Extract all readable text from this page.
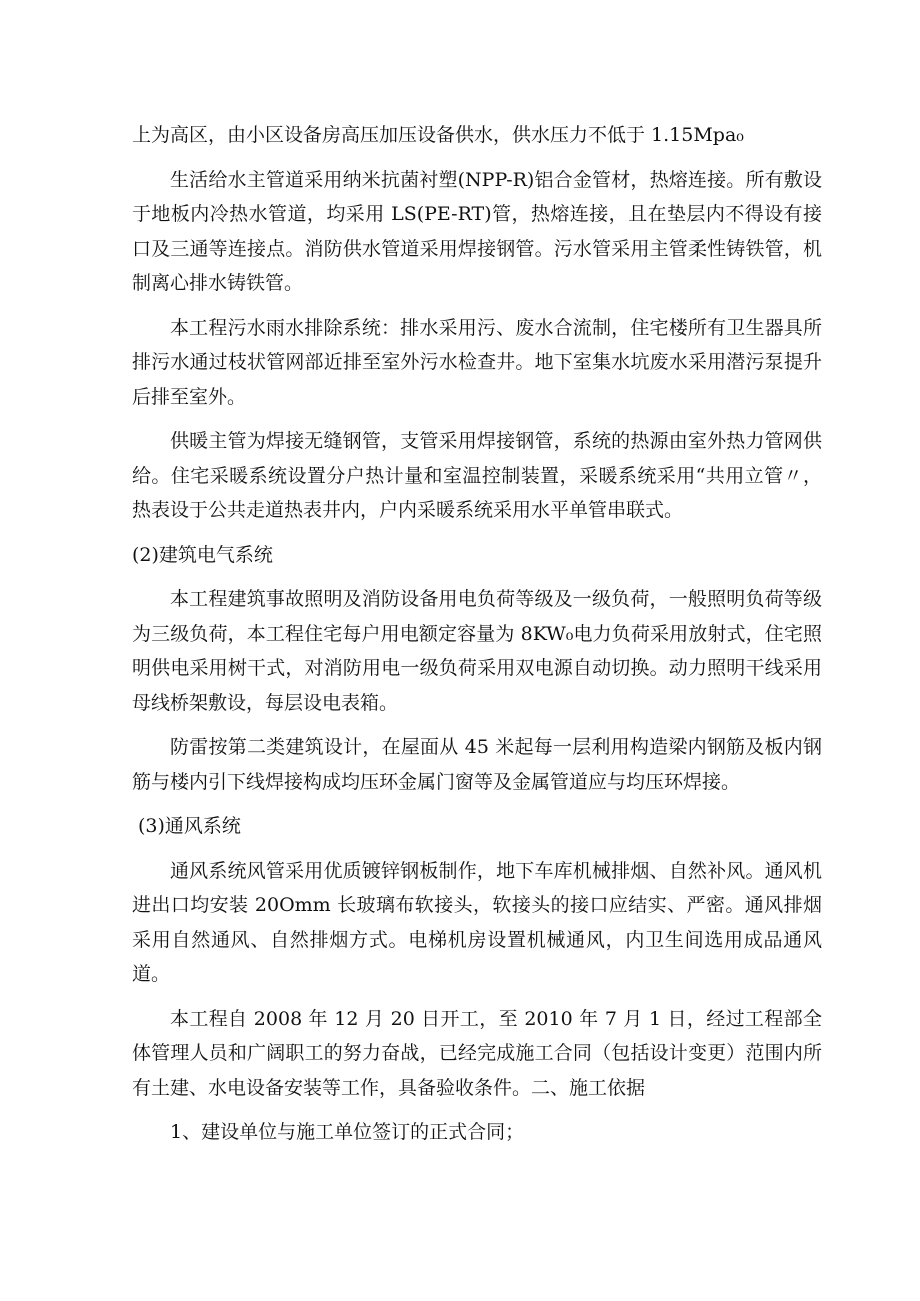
上为高区，由小区设备房高压加压设备供水，供水压力不低于 1.15Mpa₀

生活给水主管道采用纳米抗菌衬塑(NPP-R)铝合金管材，热熔连接。所有敷设于地板内冷热水管道，均采用 LS(PE-RT)管，热熔连接，且在垫层内不得设有接口及三通等连接点。消防供水管道采用焊接钢管。污水管采用主管柔性铸铁管，机制离心排水铸铁管。

本工程污水雨水排除系统：排水采用污、废水合流制，住宅楼所有卫生器具所排污水通过枝状管网部近排至室外污水检查井。地下室集水坑废水采用潜污泵提升后排至室外。

供暖主管为焊接无缝钢管，支管采用焊接钢管，系统的热源由室外热力管网供给。住宅采暖系统设置分户热计量和室温控制装置，采暖系统采用“共用立管〃，热表设于公共走道热表井内，户内采暖系统采用水平单管串联式。

(2)建筑电气系统

本工程建筑事故照明及消防设备用电负荷等级及一级负荷，一般照明负荷等级为三级负荷，本工程住宅每户用电额定容量为 8KW₀电力负荷采用放射式，住宅照明供电采用树干式，对消防用电一级负荷采用双电源自动切换。动力照明干线采用母线桥架敷设，每层设电表箱。

防雷按第二类建筑设计，在屋面从 45 米起每一层利用构造梁内钢筋及板内钢筋与楼内引下线焊接构成均压环金属门窗等及金属管道应与均压环焊接。

(3)通风系统

通风系统风管采用优质镀锌钢板制作，地下车库机械排烟、自然补风。通风机进出口均安装 20Omm 长玻璃布软接头，软接头的接口应结实、严密。通风排烟采用自然通风、自然排烟方式。电梯机房设置机械通风，内卫生间选用成品通风道。

本工程自 2008 年 12 月 20 日开工，至 2010 年 7 月 1 日，经过工程部全体管理人员和广阔职工的努力奋战，已经完成施工合同（包括设计变更）范围内所有土建、水电设备安装等工作，具备验收条件。二、施工依据

1、建设单位与施工单位签订的正式合同；
